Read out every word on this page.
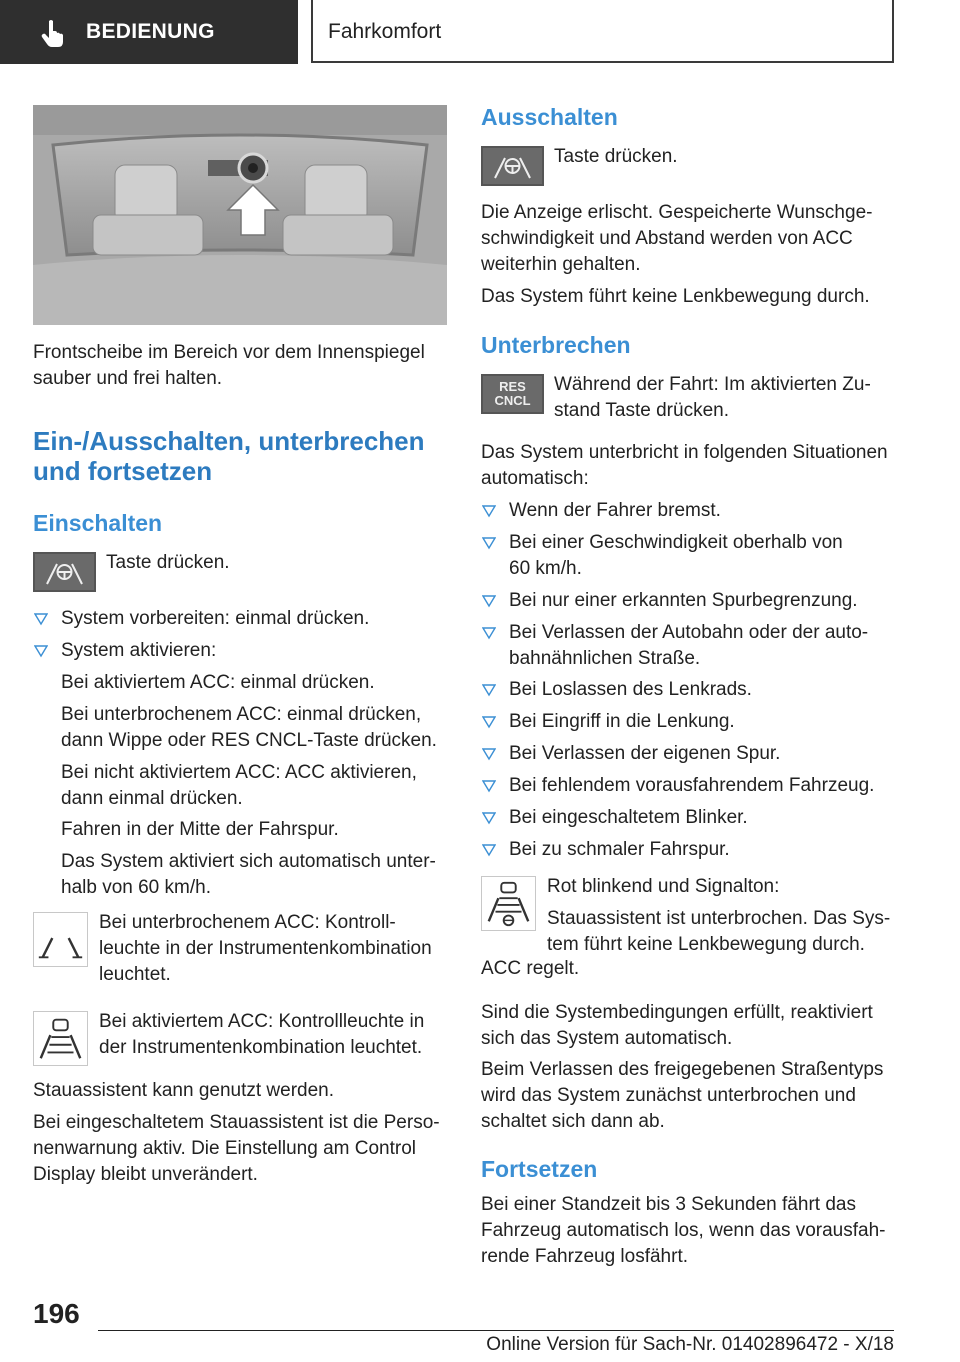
BEDIENUNG	Fahrkomfort

Frontscheibe im Bereich vor dem Innenspiegel

sauber und frei halten.

Ein-/Ausschalten, unterbrechen
und fortsetzen
Einschalten

Taste drücken.

System vorbereiten: einmal drücken.

System aktivieren:

Bei aktiviertem ACC: einmal drücken.

Bei unterbrochenem ACC: einmal drücken,

dann Wippe oder RES CNCL-Taste drücken.

Bei nicht aktiviertem ACC: ACC aktivieren,

dann einmal drücken.

Fahren in der Mitte der Fahrspur.

Das System aktiviert sich automatisch unter-

halb von 60 km/h.

Bei unterbrochenem ACC: Kontroll-

leuchte in der Instrumentenkombination

leuchtet.

Bei aktiviertem ACC: Kontrollleuchte in

der Instrumentenkombination leuchtet.

Stauassistent kann genutzt werden.

Bei eingeschaltetem Stauassistent ist die Perso-

nenwarnung aktiv. Die Einstellung am Control

Display bleibt unverändert.

Ausschalten

Taste drücken.

Die Anzeige erlischt. Gespeicherte Wunschge-

schwindigkeit und Abstand werden von ACC

weiterhin gehalten.

Das System führt keine Lenkbewegung durch.

Unterbrechen
RES
CNCL

Während der Fahrt: Im aktivierten Zu-

stand Taste drücken.

Das System unterbricht in folgenden Situationen

automatisch:

Wenn der Fahrer bremst.

Bei einer Geschwindigkeit oberhalb von

60 km/h.

Bei nur einer erkannten Spurbegrenzung.

Bei Verlassen der Autobahn oder der auto-

bahnähnlichen Straße.

Bei Loslassen des Lenkrads.

Bei Eingriff in die Lenkung.

Bei Verlassen der eigenen Spur.

Bei fehlendem vorausfahrendem Fahrzeug.

Bei eingeschaltetem Blinker.

Bei zu schmaler Fahrspur.

Rot blinkend und Signalton:

Stauassistent ist unterbrochen. Das Sys-

tem führt keine Lenkbewegung durch.

ACC regelt.

Sind die Systembedingungen erfüllt, reaktiviert

sich das System automatisch.

Beim Verlassen des freigegebenen Straßentyps

wird das System zunächst unterbrochen und

schaltet sich dann ab.

Fortsetzen

Bei einer Standzeit bis 3 Sekunden fährt das

Fahrzeug automatisch los, wenn das vorausfah-

rende Fahrzeug losfährt.

196
Online Version für Sach-Nr. 01402896472 - X/18
